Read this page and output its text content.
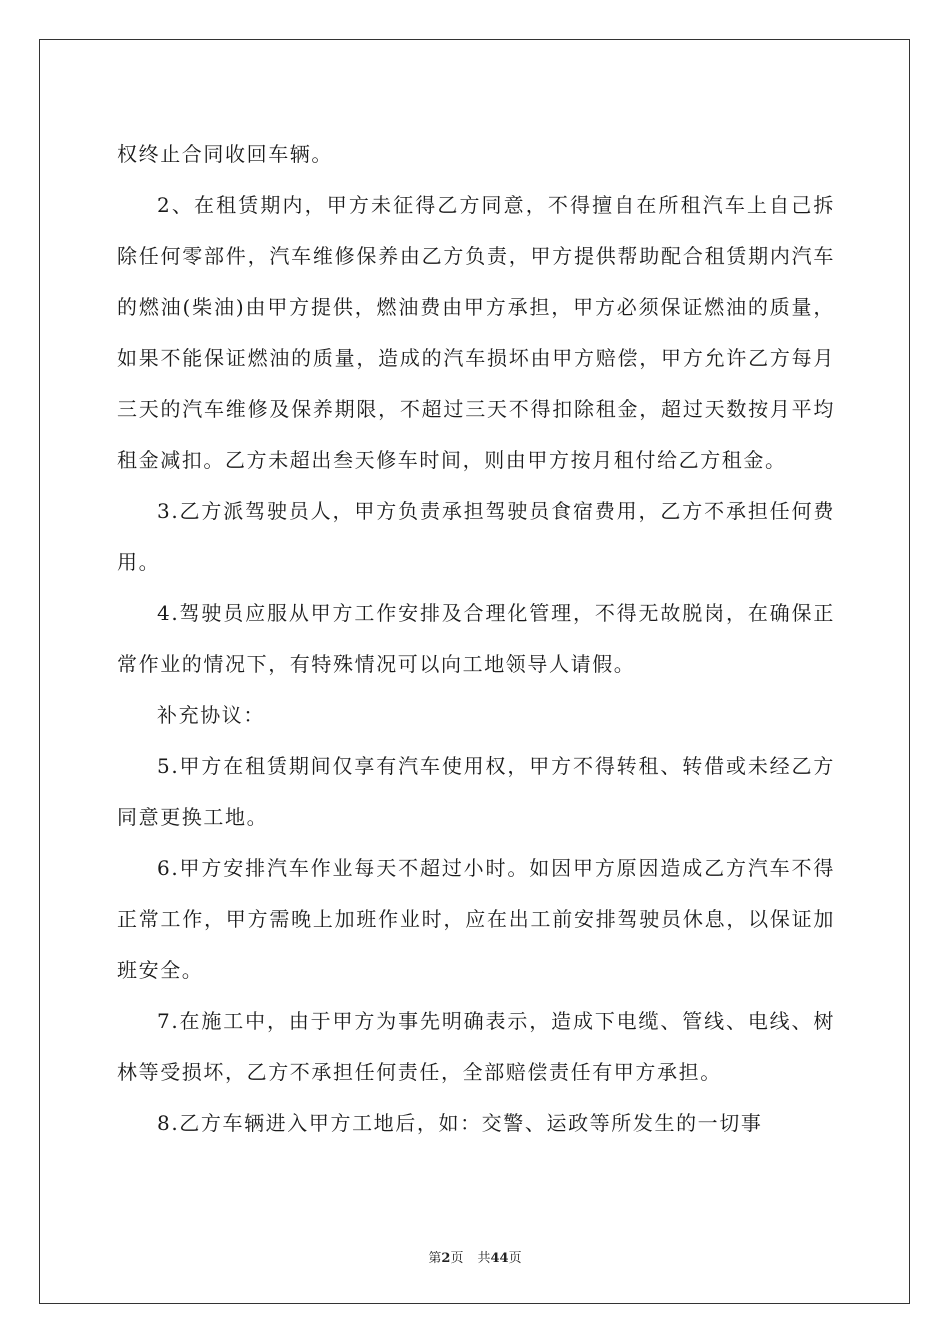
权终止合同收回车辆。

2、在租赁期内，甲方未征得乙方同意，不得擅自在所租汽车上自己拆除任何零部件，汽车维修保养由乙方负责，甲方提供帮助配合租赁期内汽车的燃油(柴油)由甲方提供，燃油费由甲方承担，甲方必须保证燃油的质量，如果不能保证燃油的质量，造成的汽车损坏由甲方赔偿，甲方允许乙方每月三天的汽车维修及保养期限，不超过三天不得扣除租金，超过天数按月平均租金减扣。乙方未超出叁天修车时间，则由甲方按月租付给乙方租金。

3.乙方派驾驶员人，甲方负责承担驾驶员食宿费用，乙方不承担任何费用。

4.驾驶员应服从甲方工作安排及合理化管理，不得无故脱岗，在确保正常作业的情况下，有特殊情况可以向工地领导人请假。

补充协议：

5.甲方在租赁期间仅享有汽车使用权，甲方不得转租、转借或未经乙方同意更换工地。

6.甲方安排汽车作业每天不超过小时。如因甲方原因造成乙方汽车不得正常工作，甲方需晚上加班作业时，应在出工前安排驾驶员休息，以保证加班安全。

7.在施工中，由于甲方为事先明确表示，造成下电缆、管线、电线、树林等受损坏，乙方不承担任何责任，全部赔偿责任有甲方承担。

8.乙方车辆进入甲方工地后，如：交警、运政等所发生的一切事

第2页 共44页
